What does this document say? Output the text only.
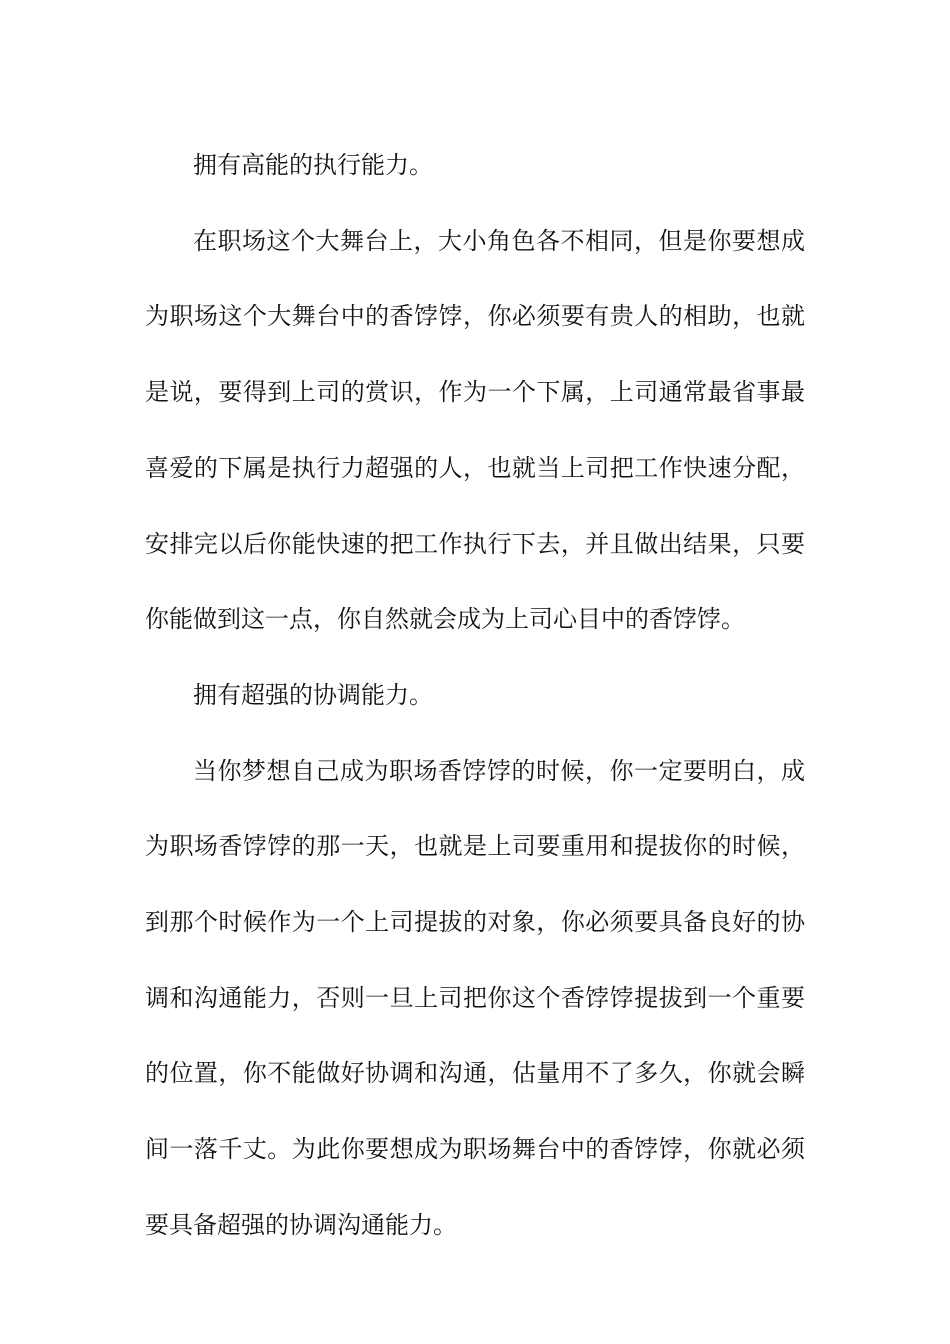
拥有高能的执行能力。

在职场这个大舞台上，大小角色各不相同，但是你要想成为职场这个大舞台中的香饽饽，你必须要有贵人的相助，也就是说，要得到上司的赏识，作为一个下属，上司通常最省事最喜爱的下属是执行力超强的人，也就当上司把工作快速分配，安排完以后你能快速的把工作执行下去，并且做出结果，只要你能做到这一点，你自然就会成为上司心目中的香饽饽。

拥有超强的协调能力。

当你梦想自己成为职场香饽饽的时候，你一定要明白，成为职场香饽饽的那一天，也就是上司要重用和提拔你的时候，到那个时候作为一个上司提拔的对象，你必须要具备良好的协调和沟通能力，否则一旦上司把你这个香饽饽提拔到一个重要的位置，你不能做好协调和沟通，估量用不了多久，你就会瞬间一落千丈。为此你要想成为职场舞台中的香饽饽，你就必须要具备超强的协调沟通能力。
